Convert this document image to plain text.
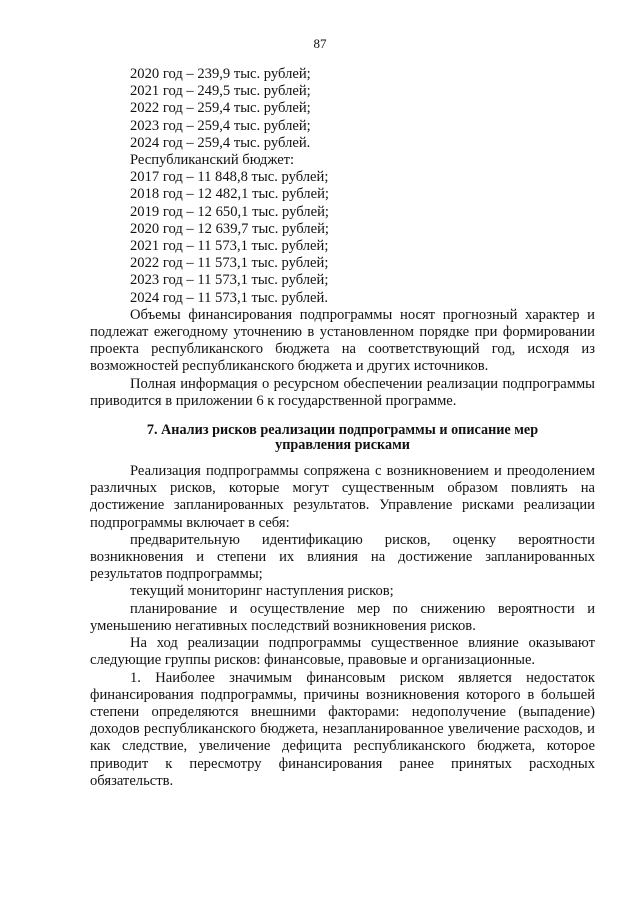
87
2020 год – 239,9 тыс. рублей;
2021 год – 249,5 тыс. рублей;
2022 год – 259,4 тыс. рублей;
2023 год – 259,4 тыс. рублей;
2024 год – 259,4 тыс. рублей.
Республиканский бюджет:
2017 год – 11 848,8 тыс. рублей;
2018 год – 12 482,1 тыс. рублей;
2019 год – 12 650,1 тыс. рублей;
2020 год – 12 639,7 тыс. рублей;
2021 год – 11 573,1 тыс. рублей;
2022 год – 11 573,1 тыс. рублей;
2023 год – 11 573,1 тыс. рублей;
2024 год – 11 573,1 тыс. рублей.

Объемы финансирования подпрограммы носят прогнозный характер и подлежат ежегодному уточнению в установленном порядке при формировании проекта республиканского бюджета на соответствующий год, исходя из возможностей республиканского бюджета и других источников.

Полная информация о ресурсном обеспечении реализации подпрограммы приводится в приложении 6 к государственной программе.

7. Анализ рисков реализации подпрограммы и описание мер
управления рисками

Реализация подпрограммы сопряжена с возникновением и преодолением различных рисков, которые могут существенным образом повлиять на достижение запланированных результатов. Управление рисками реализации подпрограммы включает в себя:

предварительную идентификацию рисков, оценку вероятности возникновения и степени их влияния на достижение запланированных результатов подпрограммы;

текущий мониторинг наступления рисков;

планирование и осуществление мер по снижению вероятности и уменьшению негативных последствий возникновения рисков.

На ход реализации подпрограммы существенное влияние оказывают следующие группы рисков: финансовые, правовые и организационные.

1. Наиболее значимым финансовым риском является недостаток финансирования подпрограммы, причины возникновения которого в большей степени определяются внешними факторами: недополучение (выпадение) доходов республиканского бюджета, незапланированное увеличение расходов, и как следствие, увеличение дефицита республиканского бюджета, которое приводит к пересмотру финансирования ранее принятых расходных обязательств.
